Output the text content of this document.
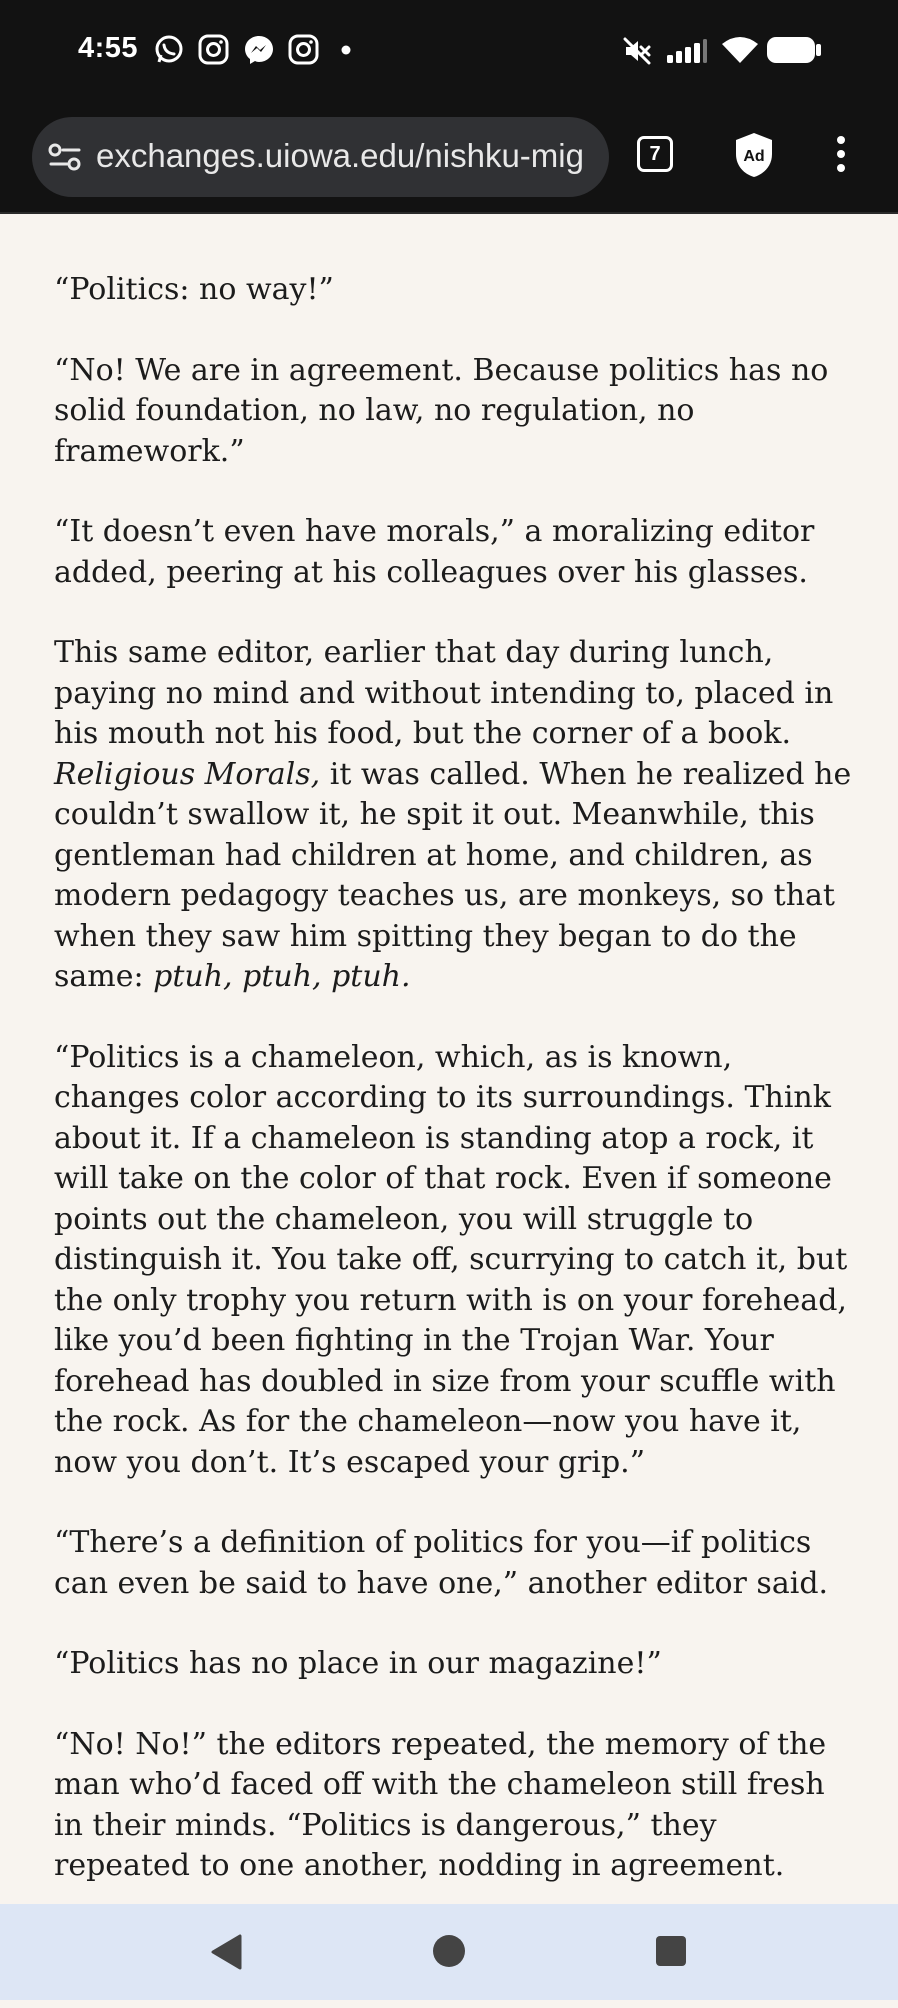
4:55
exchanges.uiowa.edu/nishku-mig	7	Ad

“Politics: no way!”

“No! We are in agreement. Because politics has no solid foundation, no law, no regulation, no framework.”

“It doesn’t even have morals,” a moralizing editor added, peering at his colleagues over his glasses.

This same editor, earlier that day during lunch, paying no mind and without intending to, placed in his mouth not his food, but the corner of a book. Religious Morals, it was called. When he realized he couldn’t swallow it, he spit it out. Meanwhile, this gentleman had children at home, and children, as modern pedagogy teaches us, are monkeys, so that when they saw him spitting they began to do the same: ptuh, ptuh, ptuh.

“Politics is a chameleon, which, as is known, changes color according to its surroundings. Think about it. If a chameleon is standing atop a rock, it will take on the color of that rock. Even if someone points out the chameleon, you will struggle to distinguish it. You take off, scurrying to catch it, but the only trophy you return with is on your forehead, like you’d been fighting in the Trojan War. Your forehead has doubled in size from your scuffle with the rock. As for the chameleon—now you have it, now you don’t. It’s escaped your grip.”

“There’s a definition of politics for you—if politics can even be said to have one,” another editor said.

“Politics has no place in our magazine!”

“No! No!” the editors repeated, the memory of the man who’d faced off with the chameleon still fresh in their minds. “Politics is dangerous,” they repeated to one another, nodding in agreement.
